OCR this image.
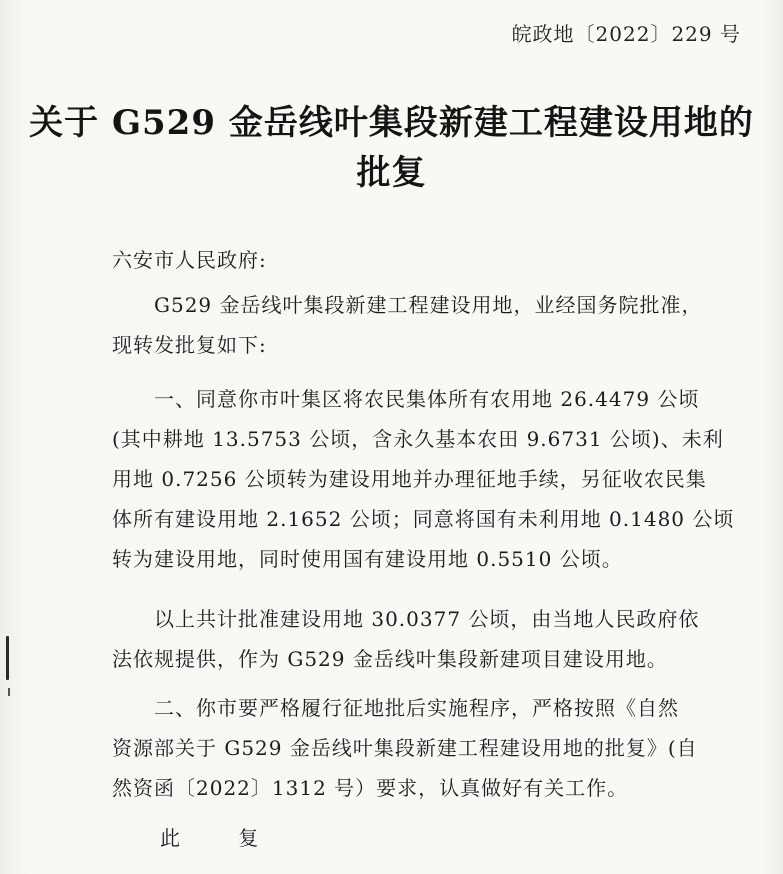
皖政地〔2022〕229 号
关于 G529 金岳线叶集段新建工程建设用地的
批复
六安市人民政府:
G529 金岳线叶集段新建工程建设用地，业经国务院批准，
现转发批复如下:
一、同意你市叶集区将农民集体所有农用地 26.4479 公顷
(其中耕地 13.5753 公顷，含永久基本农田 9.6731 公顷)、未利
用地 0.7256 公顷转为建设用地并办理征地手续，另征收农民集
体所有建设用地 2.1652 公顷；同意将国有未利用地 0.1480 公顷
转为建设用地，同时使用国有建设用地 0.5510 公顷。
以上共计批准建设用地 30.0377 公顷，由当地人民政府依
法依规提供，作为 G529 金岳线叶集段新建项目建设用地。
二、你市要严格履行征地批后实施程序，严格按照《自然
资源部关于 G529 金岳线叶集段新建工程建设用地的批复》(自
然资函〔2022〕1312 号）要求，认真做好有关工作。
此	复
